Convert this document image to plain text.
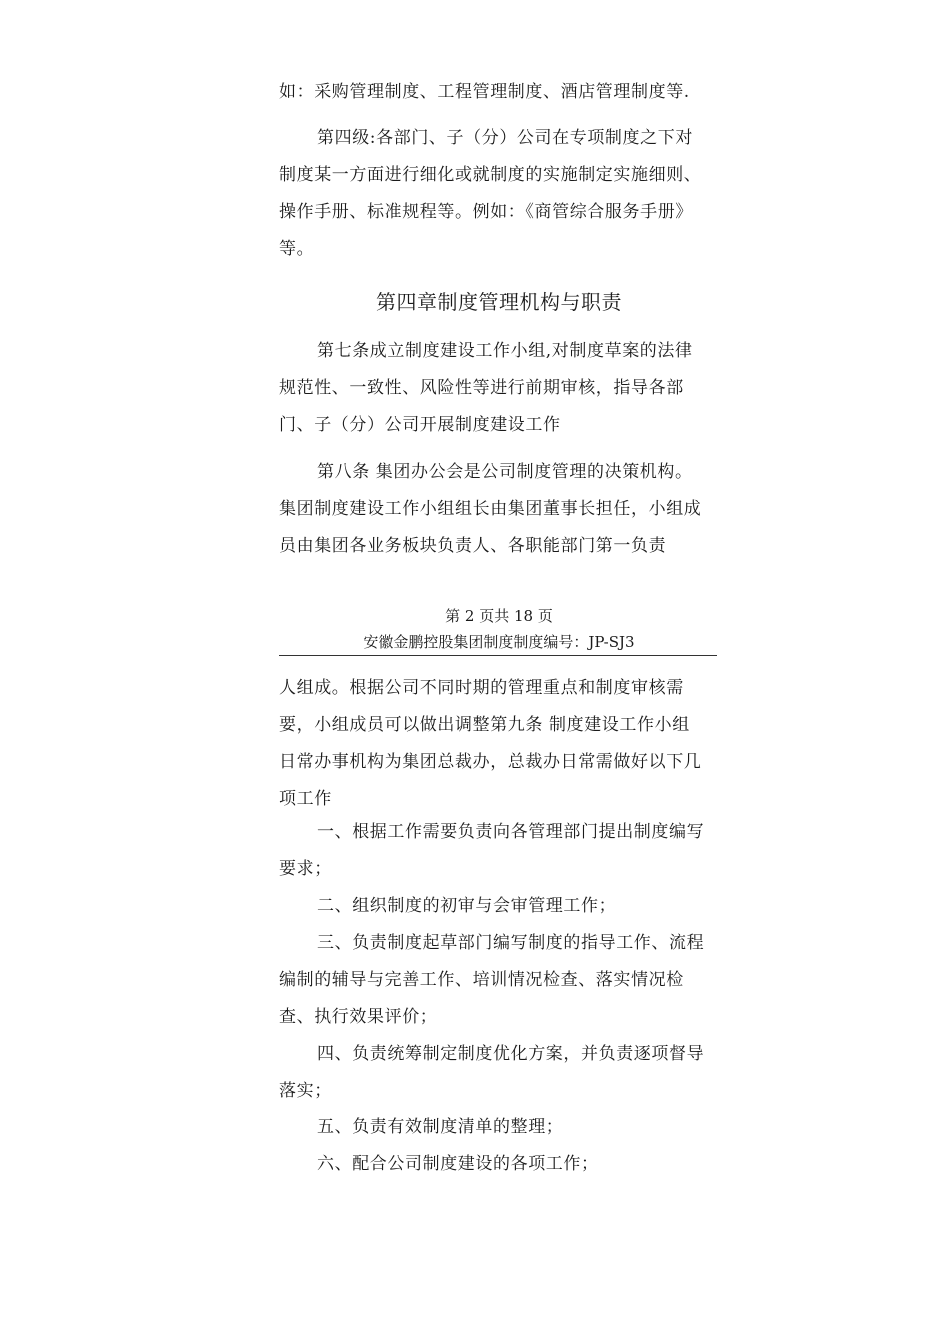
如：采购管理制度、工程管理制度、酒店管理制度等.
第四级:各部门、子（分）公司在专项制度之下对
制度某一方面进行细化或就制度的实施制定实施细则、
操作手册、标准规程等。例如：《商管综合服务手册》
等。
第四章制度管理机构与职责
第七条成立制度建设工作小组,对制度草案的法律
规范性、一致性、风险性等进行前期审核，指导各部
门、子（分）公司开展制度建设工作
第八条 集团办公会是公司制度管理的决策机构。
集团制度建设工作小组组长由集团董事长担任，小组成
员由集团各业务板块负责人、各职能部门第一负责
第 2 页共 18 页
安徽金鹏控股集团制度制度编号：JP-SJ3
人组成。根据公司不同时期的管理重点和制度审核需
要，小组成员可以做出调整第九条 制度建设工作小组
日常办事机构为集团总裁办，总裁办日常需做好以下几
项工作
一、根据工作需要负责向各管理部门提出制度编写
要求；
二、组织制度的初审与会审管理工作；
三、负责制度起草部门编写制度的指导工作、流程
编制的辅导与完善工作、培训情况检查、落实情况检
查、执行效果评价；
四、负责统筹制定制度优化方案，并负责逐项督导
落实；
五、负责有效制度清单的整理；
六、配合公司制度建设的各项工作；
